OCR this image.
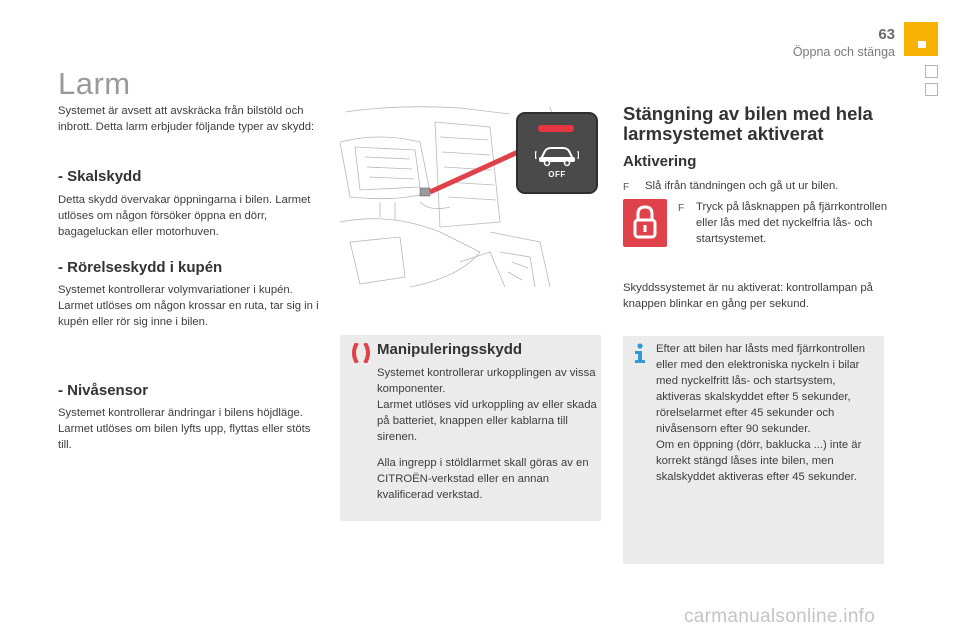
63
Öppna och stänga
Larm
Systemet är avsett att avskräcka från bilstöld och inbrott. Detta larm erbjuder följande typer av skydd:
- Skalskydd
Detta skydd övervakar öppningarna i bilen. Larmet utlöses om någon försöker öppna en dörr, bagageluckan eller motorhuven.
- Rörelseskydd i kupén
Systemet kontrollerar volymvariationer i kupén. Larmet utlöses om någon krossar en ruta, tar sig in i kupén eller rör sig inne i bilen.
- Nivåsensor
Systemet kontrollerar ändringar i bilens höjdläge.
Larmet utlöses om bilen lyfts upp, flyttas eller stöts till.
OFF
Manipuleringsskydd
Systemet kontrollerar urkopplingen av vissa komponenter.
Larmet utlöses vid urkoppling av eller skada på batteriet, knappen eller kablarna till sirenen.
Alla ingrepp i stöldlarmet skall göras av en CITROËN-verkstad eller en annan kvalificerad verkstad.
Stängning av bilen med hela larmsystemet aktiverat
Aktivering
F Slå ifrån tändningen och gå ut ur bilen.
F Tryck på låsknappen på fjärrkontrollen eller lås med det nyckelfria lås- och startsystemet.
Skyddssystemet är nu aktiverat: kontrollampan på knappen blinkar en gång per sekund.
Efter att bilen har låsts med fjärrkontrollen eller med den elektroniska nyckeln i bilar med nyckelfritt lås- och startsystem, aktiveras skalskyddet efter 5 sekunder, rörelselarmet efter 45 sekunder och nivåsensorn efter 90 sekunder.
Om en öppning (dörr, baklucka ...) inte är korrekt stängd låses inte bilen, men skalskyddet aktiveras efter 45 sekunder.
carmanualsonline.info
